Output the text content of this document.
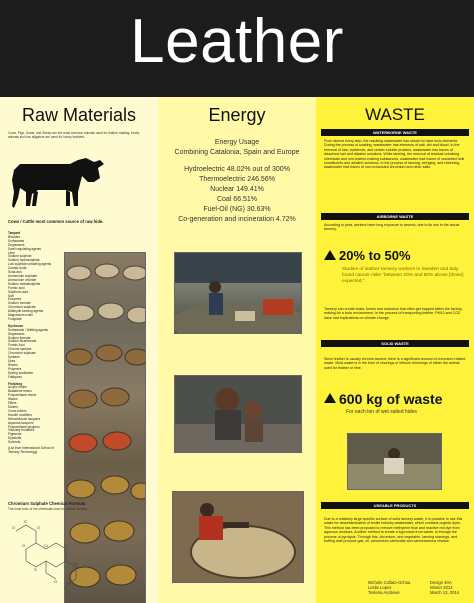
Leather
Raw Materials
Cows, Pigs, Goats, and Sheep are the most common animals used for leather making; exotic animals such as alligators are used for luxury leathers.
Cows / Cattle most common source of raw hide.
Tanyard
Biocides
Surfactants
Degreasers
Swell regulating agents
Lime
Sodium sulphide
Sodium hydrosulphide
Low sulphide unhairing agents
Caustic soda
Soda ash
Ammonium sulphate
Ammonium chloride
Sodium metabisulphite
Formic acid
Sulphuric acid
Salt
Enzymes
Sodium formate
Chromium sulphate
Aldehyde tanning agents
Magnesium oxide
Fungicide
Dyehouse
Surfactants / Wetting agents
Degreasers
Sodium formate
Sodium bicarbonate
Formic Acid
Chrome syntans
Chromium sulphate
Syntans
Dyes
Resins
Polymers
Dyeing auxiliaries
Fatliquors
Finishing
Acrylic resins
Butadiene resins
Polyurethane resins
Waxes
Fillers
Dullers
Cross-linkers
Handle modifiers
Nitrocellulose lacquers
Aqueous lacquers
Polyurethane lacquers
Viscosity modifiers
Pigments
Dyestuffs
Solvents
(List from International School of Tanning Technology)
Chromium Sulphate Chemical Formula
The most toxic of the chemicals used in Leather tanning.
O
S
O
Cr	O
O
S
O
Cr
O
Energy
Energy Usage
Combining Catalonia, Spain and Europe
Hydroelectric 48.02% out of 300%
Thermoelectric 246.56%
Nuclear 149.41%
Coal 66.51%
Fuel-Oil (NG) 30.63%
Co-generation and incineration 4.72%
WASTE
WATERBORNE WASTE
From almost every step, the resulting wastewater has shown to have toxic elements. During the process of soaking, wastewater has elements of salt, dirt and blood. In the removal of hair, epidermis, and certain soluble proteins, wastewater has traces of dissolved hair and alkaline solutions. While tanning, the removal of residual unhairing chemicals and non-leather-making substances, wastewater had traces of unwanted hide constituents and alkaline solutions. In the process of tanning, wringing, and retanning, wastewater had traces of non-exhausted chromium and other salts.
AIRBORNE WASTE
According to peta, workers have long exposure to arsenic, due to its use in the actual tannery.
20% to 50%
Studies of leather-tannery workers in Sweden and Italy found cancer risks "between 20% and 50% above [those] expected."
Tannery can create dusts, fumes and malodors that often get trapped within the factory, making for a toxic environment. In the process of transporting leather, PM10 and CO2 have had implications on climate change.
SOLID WASTE
Since leather is usually chrome-tanned, there is a significant amount of chromium related waste. Most waste is in the form of shavings or leftover trimmings of either the animal used for leather or lime.
600 kg of waste
For each ton of wet salted hides
USEABLE PRODUCTS
Due to a relatively large specific surface of solid tannery waste, it is possible to use this waste for decontamination of textile industry wastewater, which contains organic dyes. This method has been proposed to remove methylene blue and reactive red dye from aqueous residues. Another method to create a byproduct from waste, is through the process of pyrolysis. Through this, chromium- and vegetable- tanning shavings, and buffing dust produce gas, oil, ammonium carbonate and carbonaceous residue.
Michele Collato-Ochoa
Leslie Lopez
Tesleria Andrews
Design 40A
Winter 2014
March 13, 2014
